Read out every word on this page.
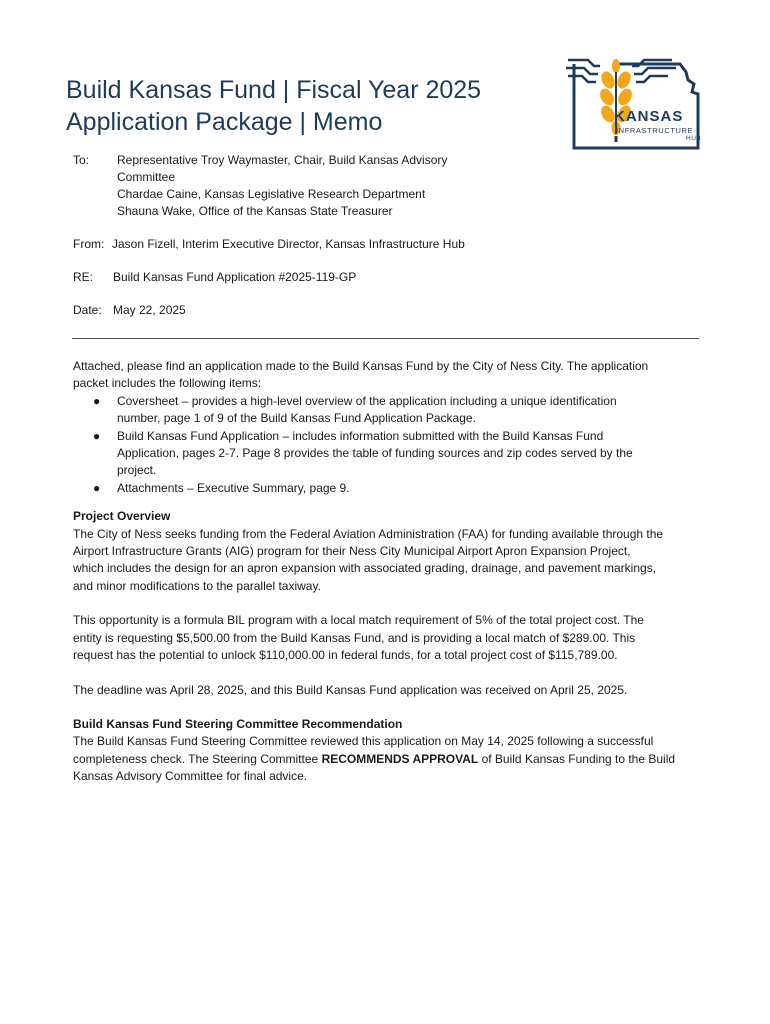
Build Kansas Fund | Fiscal Year 2025
Application Package | Memo	KANSAS
INFRASTRUCTURE
HUB
To: Representative Troy Waymaster, Chair, Build Kansas Advisory
Committee
Chardae Caine, Kansas Legislative Research Department
Shauna Wake, Office of the Kansas State Treasurer
From: Jason Fizell, Interim Executive Director, Kansas Infrastructure Hub
RE: Build Kansas Fund Application #2025-119-GP
Date: May 22, 2025

Attached, please find an application made to the Build Kansas Fund by the City of Ness City. The application

packet includes the following items:

● Coversheet – provides a high-level overview of the application including a unique identification
number, page 1 of 9 of the Build Kansas Fund Application Package.
● Build Kansas Fund Application – includes information submitted with the Build Kansas Fund
Application, pages 2-7. Page 8 provides the table of funding sources and zip codes served by the
project.
● Attachments – Executive Summary, page 9.

Project Overview

The City of Ness seeks funding from the Federal Aviation Administration (FAA) for funding available through the

Airport Infrastructure Grants (AIG) program for their Ness City Municipal Airport Apron Expansion Project,

which includes the design for an apron expansion with associated grading, drainage, and pavement markings,

and minor modifications to the parallel taxiway.

This opportunity is a formula BIL program with a local match requirement of 5% of the total project cost. The

entity is requesting $5,500.00 from the Build Kansas Fund, and is providing a local match of $289.00. This

request has the potential to unlock $110,000.00 in federal funds, for a total project cost of $115,789.00.

The deadline was April 28, 2025, and this Build Kansas Fund application was received on April 25, 2025.

Build Kansas Fund Steering Committee Recommendation

The Build Kansas Fund Steering Committee reviewed this application on May 14, 2025 following a successful

completeness check. The Steering Committee RECOMMENDS APPROVAL of Build Kansas Funding to the Build

Kansas Advisory Committee for final advice.
